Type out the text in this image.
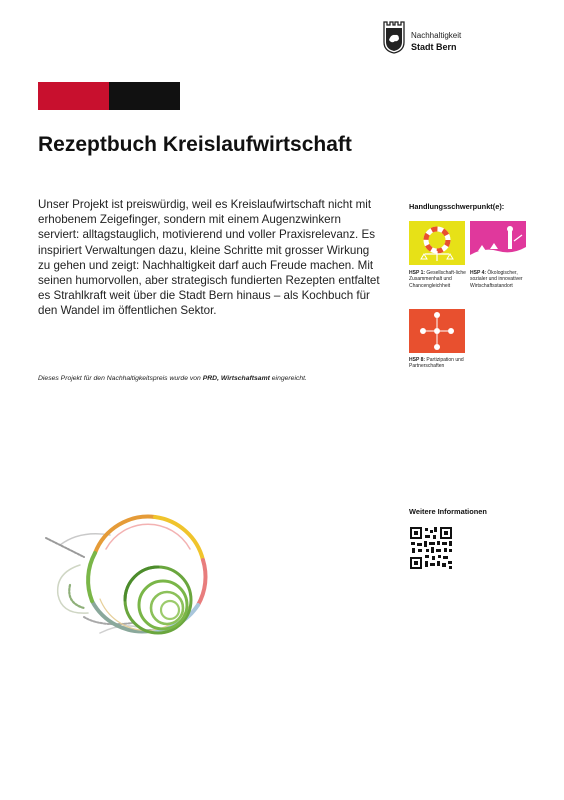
Nachhaltigkeit
Stadt Bern
Rezeptbuch Kreislaufwirtschaft

Unser Projekt ist preiswürdig, weil es Kreislaufwirtschaft nicht mit erhobenem Zeigefinger, sondern mit einem Augenzwinkern serviert: alltagstauglich, motivierend und voller Praxisrelevanz. Es inspiriert Verwaltungen dazu, kleine Schritte mit grosser Wirkung zu gehen und zeigt: Nachhaltigkeit darf auch Freude machen. Mit seinen humorvollen, aber strategisch fundierten Rezepten entfaltet es Strahlkraft weit über die Stadt Bern hinaus – als Kochbuch für den Wandel im öffentlichen Sektor.

Dieses Projekt für den Nachhaltigkeitspreis wurde von PRD, Wirtschaftsamt eingereicht.

Handlungsschwerpunkt(e):
HSP 1: Gesellschaft-liche Zusammenhalt und Chancengleichheit
HSP 4: Ökologischer, sozialer und innovativer Wirtschaftsstandort
HSP 8: Partizipation und Partnerschaften
Weitere Informationen
